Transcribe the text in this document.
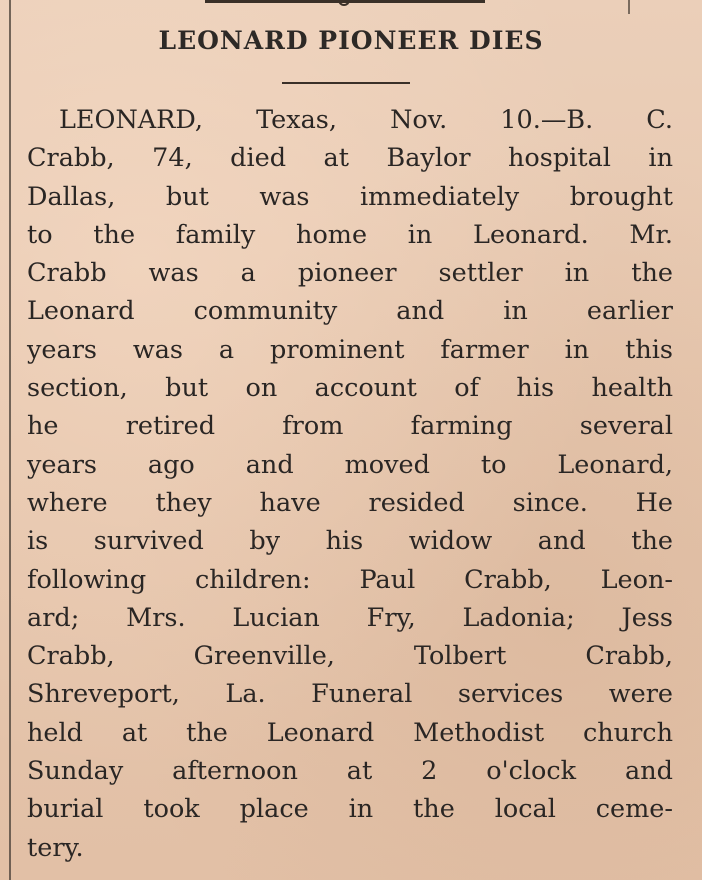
LEONARD PIONEER DIES
LEONARD, Texas, Nov. 10.—B. C.
Crabb, 74, died at Baylor hospital in
Dallas, but was immediately brought
to the family home in Leonard. Mr.
Crabb was a pioneer settler in the
Leonard community and in earlier
years was a prominent farmer in this
section, but on account of his health
he retired from farming several
years ago and moved to Leonard,
where they have resided since. He
is survived by his widow and the
following children: Paul Crabb, Leon-
ard; Mrs. Lucian Fry, Ladonia; Jess
Crabb, Greenville, Tolbert Crabb,
Shreveport, La. Funeral services were
held at the Leonard Methodist church
Sunday afternoon at 2 o'clock and
burial took place in the local ceme-
tery.
